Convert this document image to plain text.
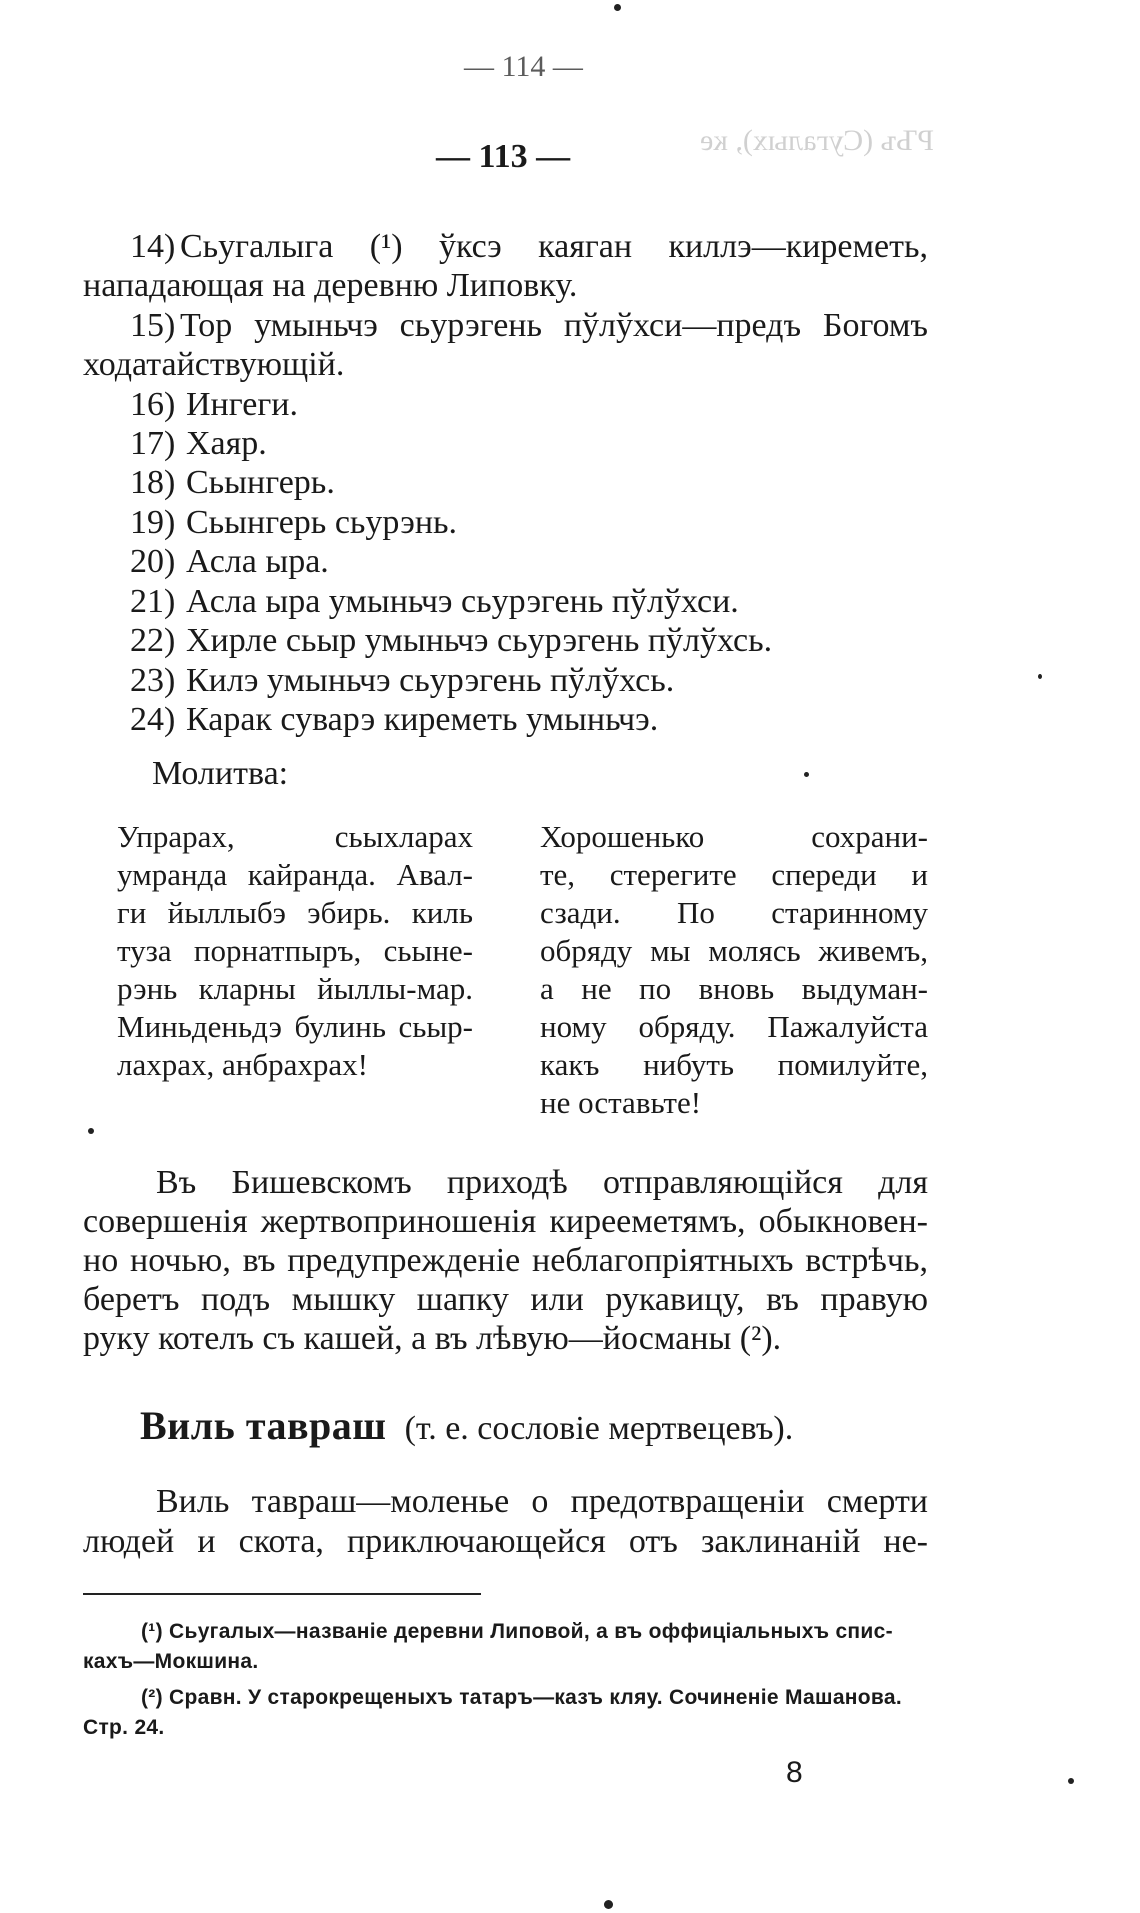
— 114 —
РЪъ (Сугалых), кe
— 113 —
14) Сьугалыга (¹) ўксэ каяган киллэ—киреметь,
нападающая на деревню Липовку.
15) Тор умыньчэ сьурэгень пўлўхси—предъ Богомъ
ходатайствующій.
16) Ингеги.
17) Хаяр.
18) Сьынгерь.
19) Сьынгерь сьурэнь.
20) Асла ыра.
21) Асла ыра умыньчэ сьурэгень пўлўхси.
22) Хирле сьыр умыньчэ сьурэгень пўлўхсь.
23) Килэ умыньчэ сьурэгень пўлўхсь.
24) Карак суварэ киреметь умыньчэ.
Молитва:
Упрарах, сьыхларах
умранда кайранда. Авал-
ги йыллыбэ эбирь. киль
туза порнатпыръ, сьыне-
рэнь кларны йыллы-мар.
Миньденьдэ булинь сьыр-
лахрах, анбрахрах!
Хорошенько сохрани-
те, стерегите спереди и
сзади. По старинному
обряду мы молясь живемъ,
а не по вновь выдуман-
ному обряду. Пажалуйста
какъ нибуть помилуйте,
не оставьте!
Въ Бишевскомъ приходѣ отправляющійся для
совершенія жертвоприношенія кирееметямъ, обыкновен-
но ночью, въ предупрежденіе неблагопріятныхъ встрѣчь,
беретъ подъ мышку шапку или рукавицу, въ правую
руку котелъ съ кашей, а въ лѣвую—йосманы (²).
Виль тавраш (т. е. сословіе мертвецевъ).
Виль тавраш—моленье о предотвращеніи смерти
людей и скота, приключающейся отъ заклинаній не-
(¹) Сьугалых—названіе деревни Липовой, а въ оффиціальныхъ спис-
кахъ—Мокшина.
(²) Сравн. У старокрещеныхъ татаръ—казъ кляу. Сочиненіе Машанова.
Стр. 24.
8
